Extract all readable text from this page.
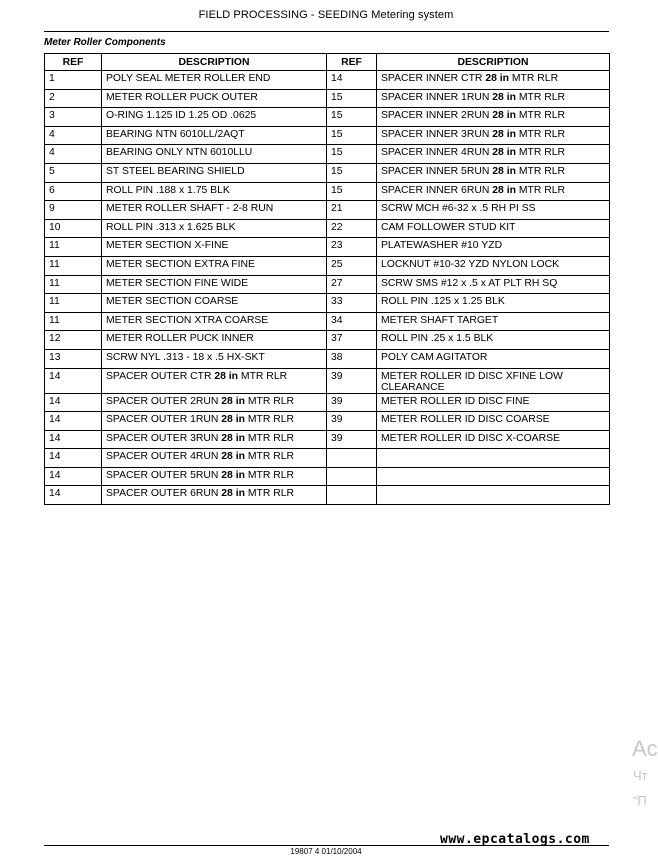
FIELD PROCESSING - SEEDING Metering system
Meter Roller Components
REF	DESCRIPTION	REF	DESCRIPTION
1	POLY SEAL METER ROLLER END	14	SPACER INNER CTR 28 in MTR RLR
2	METER ROLLER PUCK OUTER	15	SPACER INNER 1RUN 28 in MTR RLR
3	O-RING 1.125 ID 1.25 OD .0625	15	SPACER INNER 2RUN 28 in MTR RLR
4	BEARING NTN 6010LL/2AQT	15	SPACER INNER 3RUN 28 in MTR RLR
4	BEARING ONLY NTN 6010LLU	15	SPACER INNER 4RUN 28 in MTR RLR
5	ST STEEL BEARING SHIELD	15	SPACER INNER 5RUN 28 in MTR RLR
6	ROLL PIN .188 x 1.75 BLK	15	SPACER INNER 6RUN 28 in MTR RLR
9	METER ROLLER SHAFT - 2-8 RUN	21	SCRW MCH #6-32 x .5 RH PI SS
10	ROLL PIN .313 x 1.625 BLK	22	CAM FOLLOWER STUD KIT
11	METER SECTION X-FINE	23	PLATEWASHER #10 YZD
11	METER SECTION EXTRA FINE	25	LOCKNUT #10-32 YZD NYLON LOCK
11	METER SECTION FINE WIDE	27	SCRW SMS #12 x .5 x AT PLT RH SQ
11	METER SECTION COARSE	33	ROLL PIN .125 x 1.25 BLK
11	METER SECTION XTRA COARSE	34	METER SHAFT TARGET
12	METER ROLLER PUCK INNER	37	ROLL PIN .25 x 1.5 BLK
13	SCRW NYL .313 - 18 x .5 HX-SKT	38	POLY CAM AGITATOR
14	SPACER OUTER CTR 28 in MTR RLR	39	METER ROLLER ID DISC XFINE LOW CLEARANCE
14	SPACER OUTER 2RUN 28 in MTR RLR	39	METER ROLLER ID DISC FINE
14	SPACER OUTER 1RUN 28 in MTR RLR	39	METER ROLLER ID DISC COARSE
14	SPACER OUTER 3RUN 28 in MTR RLR	39	METER ROLLER ID DISC X-COARSE
14	SPACER OUTER 4RUN 28 in MTR RLR		
14	SPACER OUTER 5RUN 28 in MTR RLR		
14	SPACER OUTER 6RUN 28 in MTR RLR		
Ac
Чт
“П
www.epcatalogs.com
19807 4 01/10/2004
